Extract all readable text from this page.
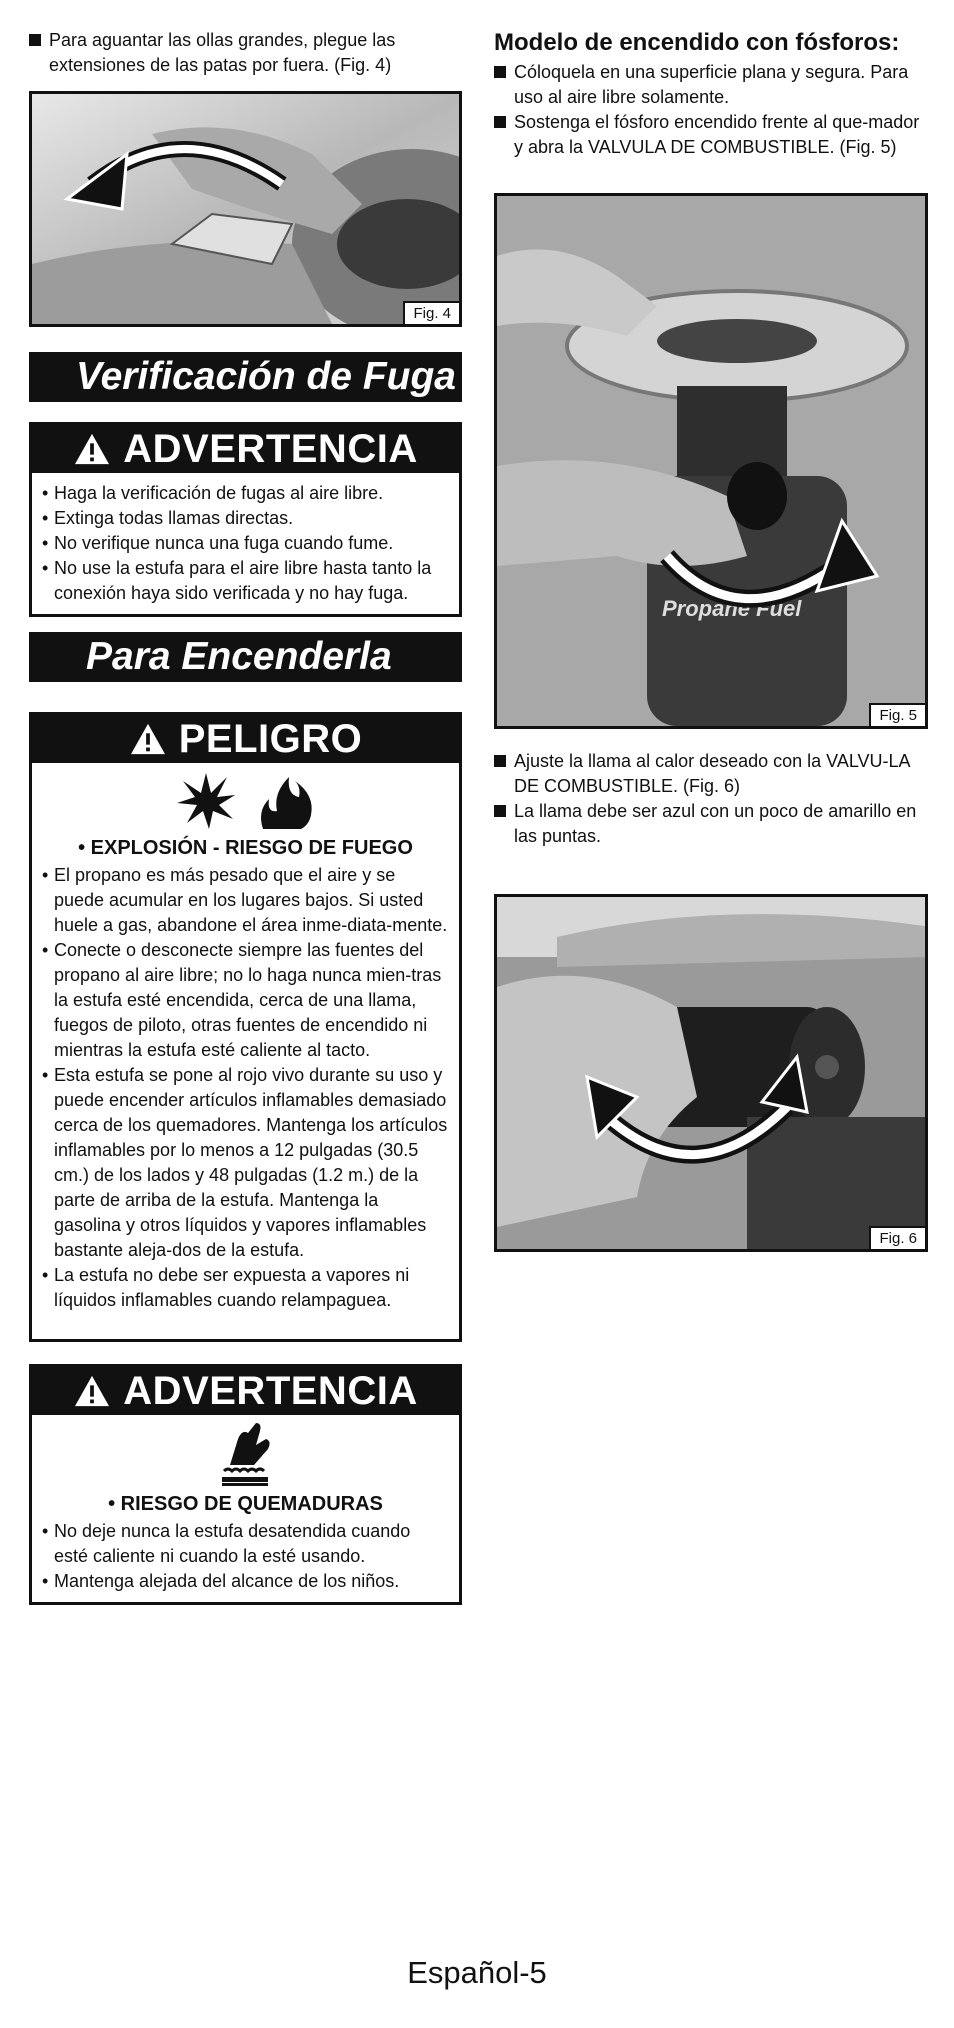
Para aguantar las ollas grandes, plegue las extensiones de las patas por fuera. (Fig. 4)
Fig. 4
Verificación de Fuga
ADVERTENCIA
• Haga la verificación de fugas al aire libre.
• Extinga todas llamas directas.
• No verifique nunca una fuga cuando fume.
• No use la estufa para el aire libre hasta tanto la conexión haya sido verificada y no hay fuga.
Para Encenderla
PELIGRO
• EXPLOSIÓN - RIESGO DE FUEGO
• El propano es más pesado que el aire y se puede acumular en los lugares bajos. Si usted huele a gas, abandone el área inme-diata-mente.
• Conecte o desconecte siempre las fuentes del propano al aire libre; no lo haga nunca mien-tras la estufa esté encendida, cerca de una llama, fuegos de piloto, otras fuentes de encendido ni mientras la estufa esté caliente al tacto.
• Esta estufa se pone al rojo vivo durante su uso y puede encender artículos inflamables demasiado cerca de los quemadores. Mantenga los artículos inflamables por lo menos a 12 pulgadas (30.5 cm.) de los lados y 48 pulgadas (1.2 m.) de la parte de arriba de la estufa. Mantenga la gasolina y otros líquidos y vapores inflamables bastante aleja-dos de la estufa.
• La estufa no debe ser expuesta a vapores ni líquidos inflamables cuando relampaguea.
ADVERTENCIA
• RIESGO DE QUEMADURAS
• No deje nunca la estufa desatendida cuando esté caliente ni cuando la esté usando.
• Mantenga alejada del alcance de los niños.
Modelo de encendido con fósforos:
Cóloquela en una superficie plana y segura. Para uso al aire libre solamente.
Sostenga el fósforo encendido frente al que-mador y abra la VALVULA DE COMBUSTIBLE. (Fig. 5)
Propane Fuel
Fig. 5
Ajuste la llama al calor deseado con la VALVU-LA DE COMBUSTIBLE. (Fig. 6)
La llama debe ser azul con un poco de amarillo en las puntas.
Fig. 6
Español-5
